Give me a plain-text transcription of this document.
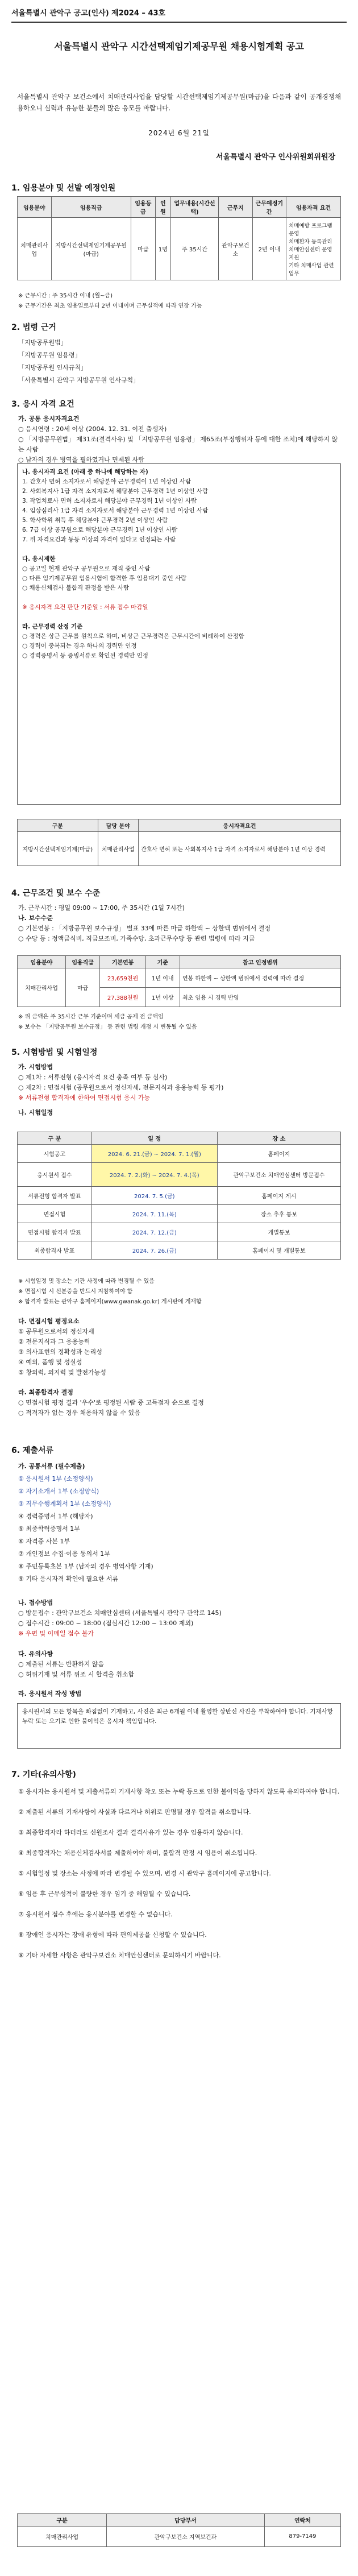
서울특별시 관악구 공고(인사) 제2024 – 43호
서울특별시 관악구 시간선택제임기제공무원 채용시험계획 공고
서울특별시 관악구 보건소에서 치매관리사업을 담당할 시간선택제임기제공무원(마급)을 다음과 같이 공개경쟁채용하오니 실력과 유능한 분들의 많은 응모를 바랍니다.
2024년 6월 21일
서울특별시 관악구 인사위원회위원장
1. 임용분야 및 선발 예정인원
임용분야	임용직급	임용등급	인원	업무내용(시간선택)	근무지	근무예정기간	임용자격 요건
치매관리사업	지방시간선택제임기제공무원(마급)	마급	1명	주 35시간	관악구보건소	2년 이내	치매예방 프로그램 운영
치매환자 등록관리
치매안심센터 운영 지원
기타 치매사업 관련 업무
※ 근무시간 : 주 35시간 이내 (월~금)
※ 근무기간은 최초 임용일로부터 2년 이내이며 근무실적에 따라 연장 가능
2. 법령 근거
「지방공무원법」
「지방공무원 임용령」
「지방공무원 인사규칙」
「서울특별시 관악구 지방공무원 인사규칙」
3. 응시 자격 요건
가. 공통 응시자격요건
○ 응시연령 : 20세 이상 (2004. 12. 31. 이전 출생자)
○ 「지방공무원법」 제31조(결격사유) 및 「지방공무원 임용령」 제65조(부정행위자 등에 대한 조치)에 해당하지 않는 사람
○ 남자의 경우 병역을 필하였거나 면제된 사람
나. 응시자격 요건 (아래 중 하나에 해당하는 자)
1. 간호사 면허 소지자로서 해당분야 근무경력이 1년 이상인 사람
2. 사회복지사 1급 자격 소지자로서 해당분야 근무경력 1년 이상인 사람
3. 작업치료사 면허 소지자로서 해당분야 근무경력 1년 이상인 사람
4. 임상심리사 1급 자격 소지자로서 해당분야 근무경력 1년 이상인 사람
5. 학사학위 취득 후 해당분야 근무경력 2년 이상인 사람
6. 7급 이상 공무원으로 해당분야 근무경력 1년 이상인 사람
7. 위 자격요건과 동등 이상의 자격이 있다고 인정되는 사람

다. 응시제한
○ 공고일 현재 관악구 공무원으로 재직 중인 사람
○ 다른 임기제공무원 임용시험에 합격한 후 임용대기 중인 사람
○ 채용신체검사 불합격 판정을 받은 사람

※ 응시자격 요건 판단 기준일 : 서류 접수 마감일

라. 근무경력 산정 기준
○ 경력은 상근 근무를 원칙으로 하며, 비상근 근무경력은 근무시간에 비례하여 산정함
○ 경력이 중복되는 경우 하나의 경력만 인정
○ 경력증명서 등 증빙서류로 확인된 경력만 인정
구분	담당 분야	응시자격요건
지방시간선택제임기제(마급)	치매관리사업	간호사 면허 또는 사회복지사 1급 자격 소지자로서 해당분야 1년 이상 경력
4. 근무조건 및 보수 수준
가. 근무시간 : 평일 09:00 ~ 17:00, 주 35시간 (1일 7시간)
나. 보수수준
○ 기본연봉 : 「지방공무원 보수규정」 별표 33에 따른 마급 하한액 ~ 상한액 범위에서 결정
○ 수당 등 : 정액급식비, 직급보조비, 가족수당, 초과근무수당 등 관련 법령에 따라 지급
임용분야	임용직급	기본연봉	기준	참고 인정범위
치매관리사업	마급	23,659천원	1년 이내	연봉 하한액 ~ 상한액 범위에서 경력에 따라 결정
		27,388천원	1년 이상	최초 임용 시 경력 반영
※ 위 금액은 주 35시간 근무 기준이며 세금 공제 전 금액임
※ 보수는 「지방공무원 보수규정」 등 관련 법령 개정 시 변동될 수 있음
5. 시험방법 및 시험일정
가. 시험방법
○ 제1차 : 서류전형 (응시자격 요건 충족 여부 등 심사)
○ 제2차 : 면접시험 (공무원으로서 정신자세, 전문지식과 응용능력 등 평가)
※ 서류전형 합격자에 한하여 면접시험 응시 가능
나. 시험일정
구 분	일 정	장 소
시험공고	2024. 6. 21.(금) ~ 2024. 7. 1.(월)	홈페이지
응시원서 접수	2024. 7. 2.(화) ~ 2024. 7. 4.(목)	관악구보건소 치매안심센터 방문접수
서류전형 합격자 발표	2024. 7. 5.(금)	홈페이지 게시
면접시험	2024. 7. 11.(목)	장소 추후 통보
면접시험 합격자 발표	2024. 7. 12.(금)	개별통보
최종합격자 발표	2024. 7. 26.(금)	홈페이지 및 개별통보
※ 시험일정 및 장소는 기관 사정에 따라 변경될 수 있음
※ 면접시험 시 신분증을 반드시 지참하여야 함
※ 합격자 발표는 관악구 홈페이지(www.gwanak.go.kr) 게시판에 게재함
다. 면접시험 평정요소
① 공무원으로서의 정신자세
② 전문지식과 그 응용능력
③ 의사표현의 정확성과 논리성
④ 예의, 품행 및 성실성
⑤ 창의력, 의지력 및 발전가능성
라. 최종합격자 결정
○ 면접시험 평정 결과 '우수'로 평정된 사람 중 고득점자 순으로 결정
○ 적격자가 없는 경우 채용하지 않을 수 있음
6. 제출서류
가. 공통서류 (필수제출)
① 응시원서 1부 (소정양식)
② 자기소개서 1부 (소정양식)
③ 직무수행계획서 1부 (소정양식)
④ 경력증명서 1부 (해당자)
⑤ 최종학력증명서 1부
⑥ 자격증 사본 1부
⑦ 개인정보 수집·이용 동의서 1부
⑧ 주민등록초본 1부 (남자의 경우 병역사항 기재)
⑨ 기타 응시자격 확인에 필요한 서류
나. 접수방법
○ 방문접수 : 관악구보건소 치매안심센터 (서울특별시 관악구 관악로 145)
○ 접수시간 : 09:00 ~ 18:00 (점심시간 12:00 ~ 13:00 제외)
※ 우편 및 이메일 접수 불가
다. 유의사항
○ 제출된 서류는 반환하지 않음
○ 허위기재 및 서류 위조 시 합격을 취소함
라. 응시원서 작성 방법
응시원서의 모든 항목을 빠짐없이 기재하고, 사진은 최근 6개월 이내 촬영한 상반신 사진을 부착하여야 합니다. 기재사항 누락 또는 오기로 인한 불이익은 응시자 책임입니다.
7. 기타(유의사항)
① 응시자는 응시원서 및 제출서류의 기재사항 착오 또는 누락 등으로 인한 불이익을 당하지 않도록 유의하여야 합니다.
② 제출된 서류의 기재사항이 사실과 다르거나 허위로 판명될 경우 합격을 취소합니다.
③ 최종합격자라 하더라도 신원조사 결과 결격사유가 있는 경우 임용하지 않습니다.
④ 최종합격자는 채용신체검사서를 제출하여야 하며, 불합격 판정 시 임용이 취소됩니다.
⑤ 시험일정 및 장소는 사정에 따라 변경될 수 있으며, 변경 시 관악구 홈페이지에 공고합니다.
⑥ 임용 후 근무성적이 불량한 경우 임기 중 해임될 수 있습니다.
⑦ 응시원서 접수 후에는 응시분야를 변경할 수 없습니다.
⑧ 장애인 응시자는 장애 유형에 따라 편의제공을 신청할 수 있습니다.
⑨ 기타 자세한 사항은 관악구보건소 치매안심센터로 문의하시기 바랍니다.
구분	담당부서	연락처
치매관리사업	관악구보건소 지역보건과	879-7149
